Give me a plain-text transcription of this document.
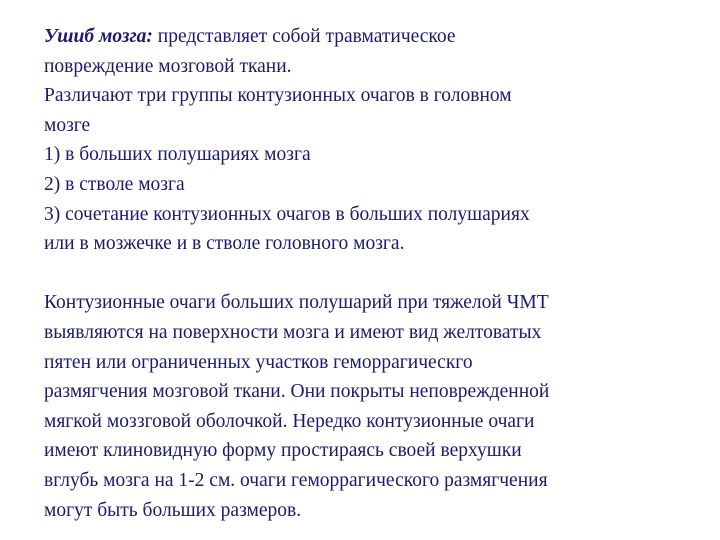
Ушиб мозга: представляет собой травматическое
повреждение мозговой ткани.
Различают три группы контузионных очагов в головном
мозге
1) в больших полушариях мозга
2) в стволе мозга
3) сочетание контузионных очагов в больших полушариях
или в мозжечке и в стволе головного мозга.
Контузионные очаги больших полушарий при тяжелой ЧМТ
выявляются на поверхности мозга и имеют вид желтоватых
пятен или ограниченных участков геморрагическго
размягчения мозговой ткани. Они покрыты неповрежденной
мягкой моззговой оболочкой. Нередко контузионные очаги
имеют клиновидную форму простираясь своей верхушки
вглубь мозга на 1-2 см. очаги геморрагического размягчения
могут быть больших размеров.
